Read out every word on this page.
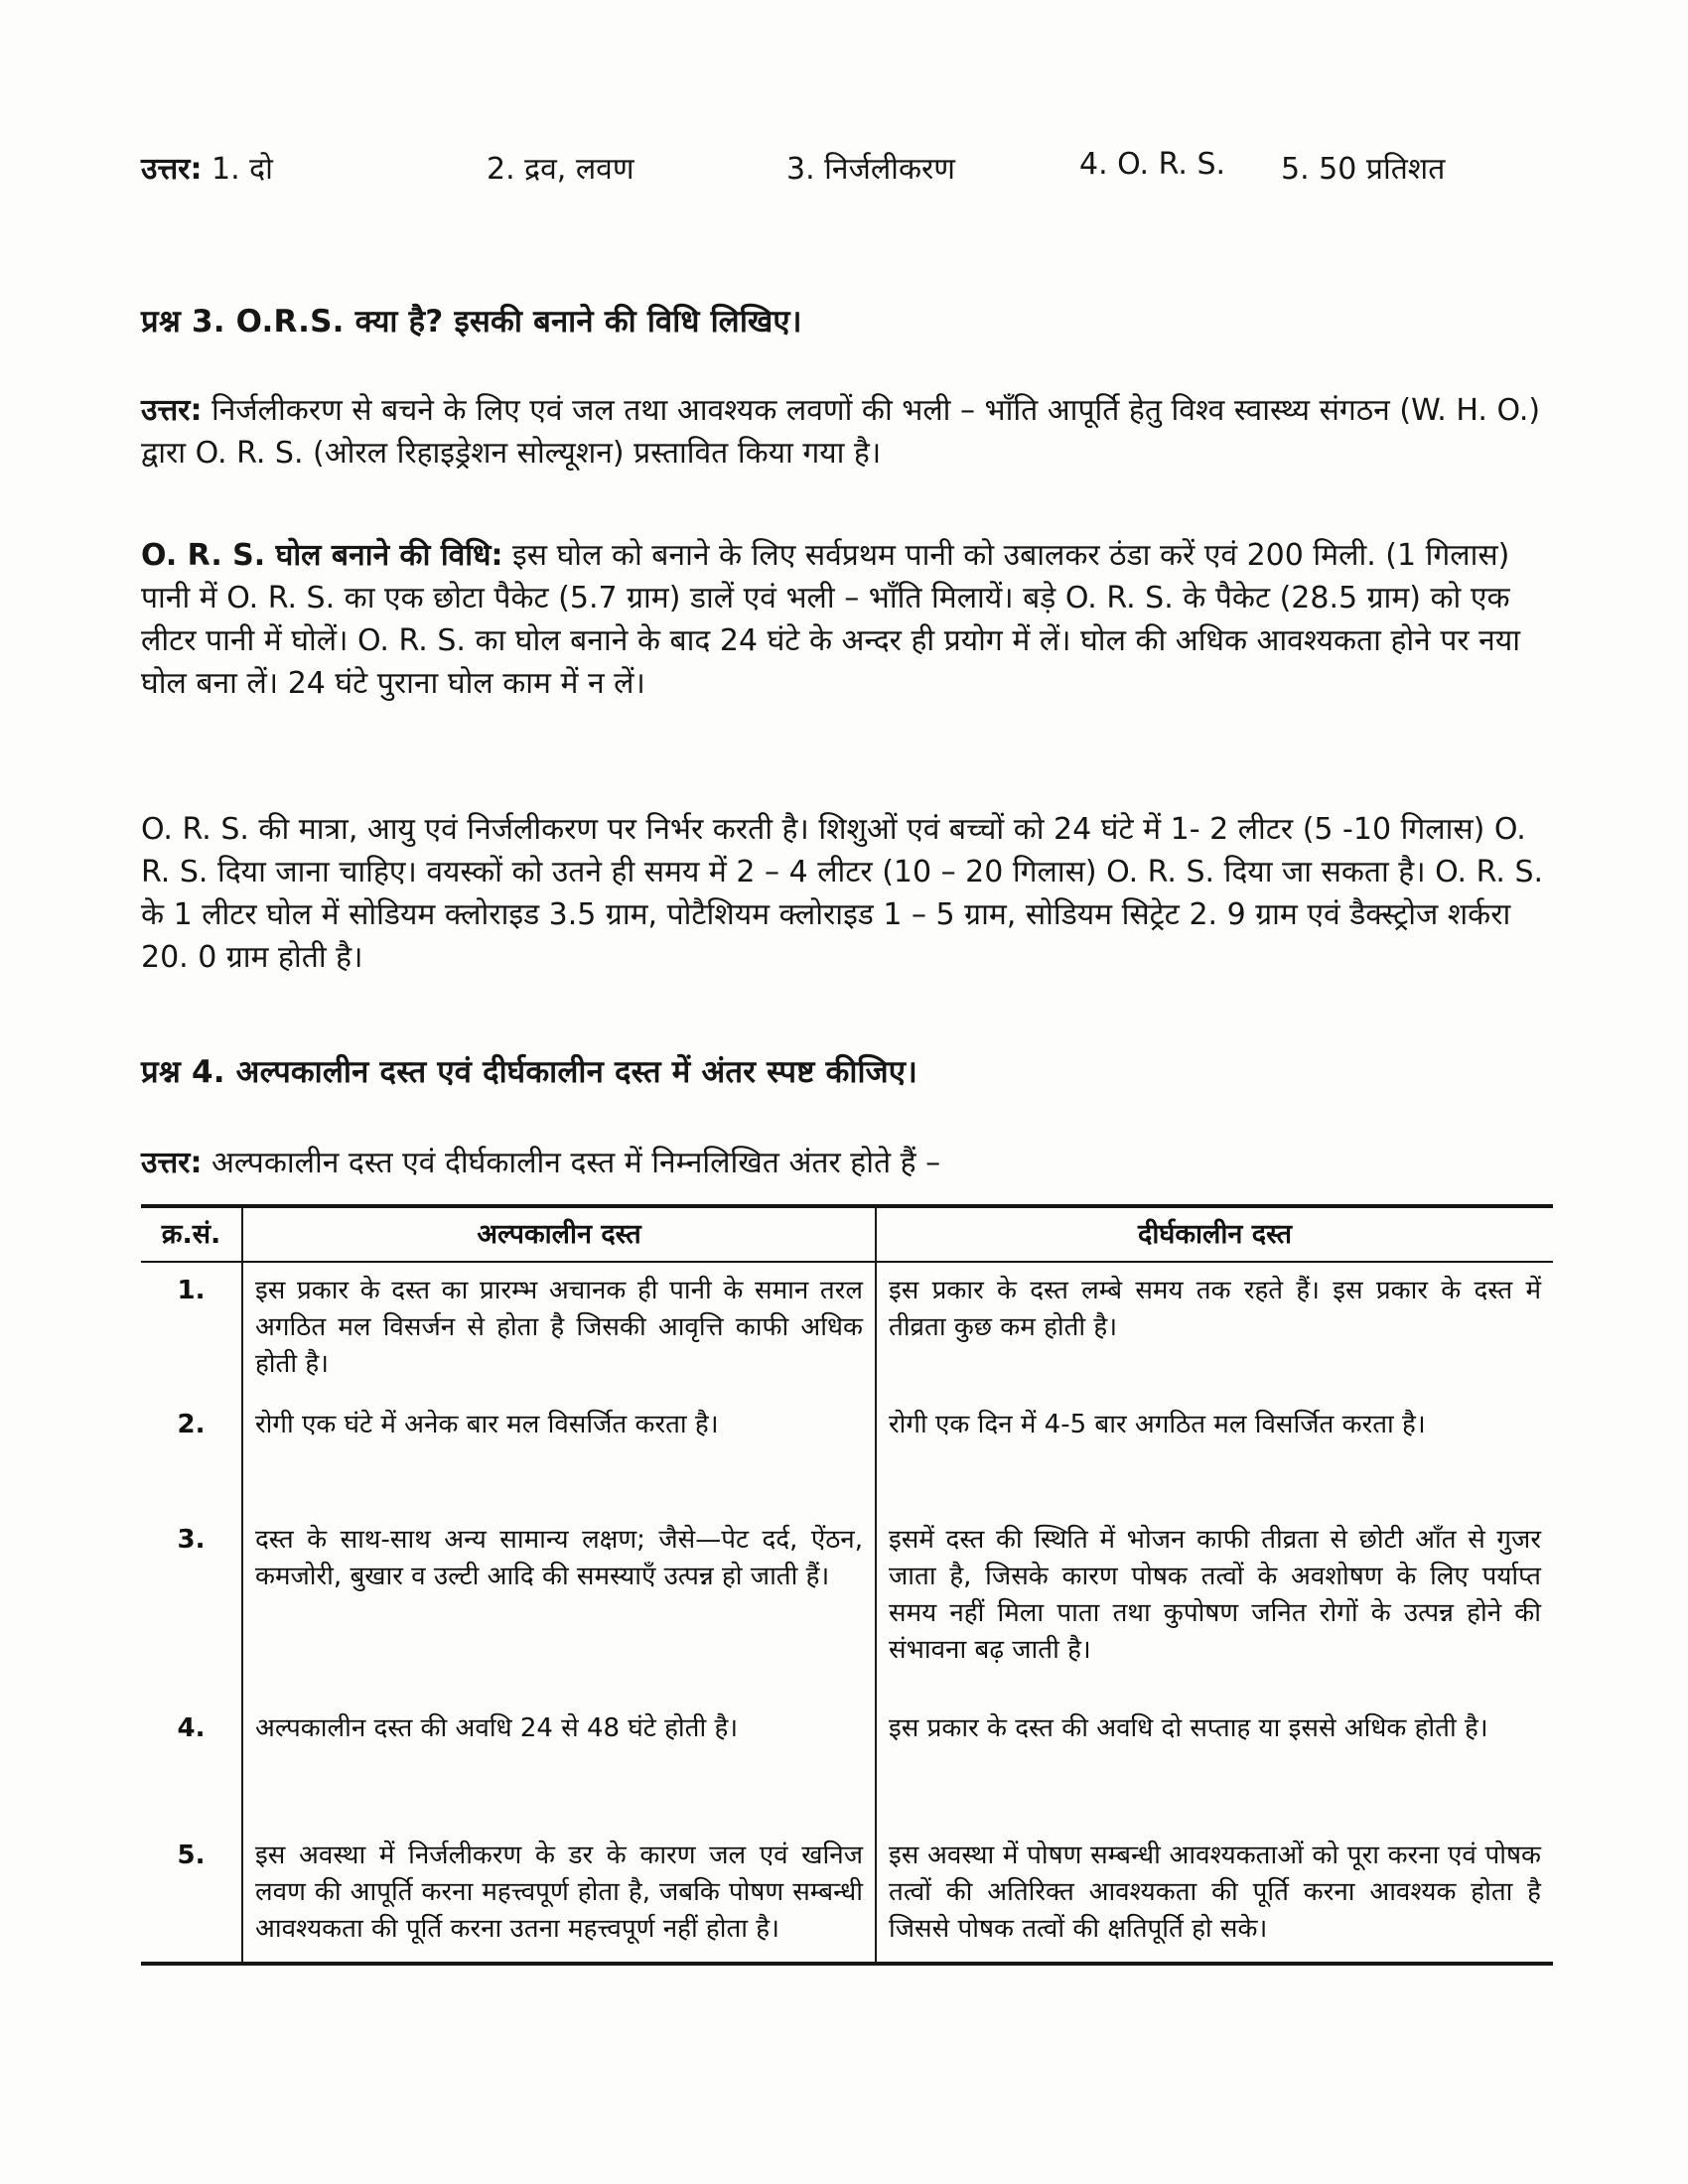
उत्तर: 1. दो	2. द्रव, लवण	3. निर्जलीकरण	4. O. R. S. 5. 50 प्रतिशत
प्रश्न 3. O.R.S. क्या है? इसकी बनाने की विधि लिखिए।
उत्तर: निर्जलीकरण से बचने के लिए एवं जल तथा आवश्यक लवणों की भली – भाँति आपूर्ति हेतु विश्व स्वास्थ्य संगठन (W. H. O.) द्वारा O. R. S. (ओरल रिहाइड्रेशन सोल्यूशन) प्रस्तावित किया गया है।
O. R. S. घोल बनाने की विधि: इस घोल को बनाने के लिए सर्वप्रथम पानी को उबालकर ठंडा करें एवं 200 मिली. (1 गिलास) पानी में O. R. S. का एक छोटा पैकेट (5.7 ग्राम) डालें एवं भली – भाँति मिलायें। बड़े O. R. S. के पैकेट (28.5 ग्राम) को एक लीटर पानी में घोलें। O. R. S. का घोल बनाने के बाद 24 घंटे के अन्दर ही प्रयोग में लें। घोल की अधिक आवश्यकता होने पर नया घोल बना लें। 24 घंटे पुराना घोल काम में न लें।
O. R. S. की मात्रा, आयु एवं निर्जलीकरण पर निर्भर करती है। शिशुओं एवं बच्चों को 24 घंटे में 1- 2 लीटर (5 -10 गिलास) O. R. S. दिया जाना चाहिए। वयस्कों को उतने ही समय में 2 – 4 लीटर (10 – 20 गिलास) O. R. S. दिया जा सकता है। O. R. S. के 1 लीटर घोल में सोडियम क्लोराइड 3.5 ग्राम, पोटैशियम क्लोराइड 1 – 5 ग्राम, सोडियम सिट्रेट 2. 9 ग्राम एवं डैक्स्ट्रोज शर्करा 20. 0 ग्राम होती है।
प्रश्न 4. अल्पकालीन दस्त एवं दीर्घकालीन दस्त में अंतर स्पष्ट कीजिए।
उत्तर: अल्पकालीन दस्त एवं दीर्घकालीन दस्त में निम्नलिखित अंतर होते हैं –
क्र.सं.	अल्पकालीन दस्त	दीर्घकालीन दस्त
1.	इस प्रकार के दस्त का प्रारम्भ अचानक ही पानी के समान तरल अगठित मल विसर्जन से होता है जिसकी आवृत्ति काफी अधिक होती है।	इस प्रकार के दस्त लम्बे समय तक रहते हैं। इस प्रकार के दस्त में तीव्रता कुछ कम होती है।
2.	रोगी एक घंटे में अनेक बार मल विसर्जित करता है।	रोगी एक दिन में 4-5 बार अगठित मल विसर्जित करता है।
3.	दस्त के साथ-साथ अन्य सामान्य लक्षण; जैसे—पेट दर्द, ऐंठन, कमजोरी, बुखार व उल्टी आदि की समस्याएँ उत्पन्न हो जाती हैं।	इसमें दस्त की स्थिति में भोजन काफी तीव्रता से छोटी आँत से गुजर जाता है, जिसके कारण पोषक तत्वों के अवशोषण के लिए पर्याप्त समय नहीं मिला पाता तथा कुपोषण जनित रोगों के उत्पन्न होने की संभावना बढ़ जाती है।
4.	अल्पकालीन दस्त की अवधि 24 से 48 घंटे होती है।	इस प्रकार के दस्त की अवधि दो सप्ताह या इससे अधिक होती है।
5.	इस अवस्था में निर्जलीकरण के डर के कारण जल एवं खनिज लवण की आपूर्ति करना महत्त्वपूर्ण होता है, जबकि पोषण सम्बन्धी आवश्यकता की पूर्ति करना उतना महत्त्वपूर्ण नहीं होता है।	इस अवस्था में पोषण सम्बन्धी आवश्यकताओं को पूरा करना एवं पोषक तत्वों की अतिरिक्त आवश्यकता की पूर्ति करना आवश्यक होता है जिससे पोषक तत्वों की क्षतिपूर्ति हो सके।
